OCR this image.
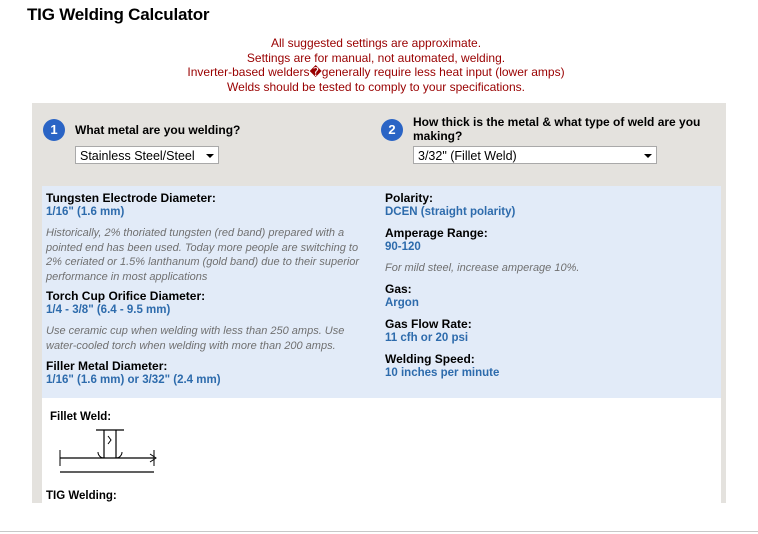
TIG Welding Calculator
All suggested settings are approximate.
Settings are for manual, not automated, welding.
Inverter-based welders�generally require less heat input (lower amps)
Welds should be tested to comply to your specifications.
1	What metal are you welding?
Stainless Steel/Steel
2	How thick is the metal & what type of weld are you
making?
3/32" (Fillet Weld)
Tungsten Electrode Diameter:
1/16" (1.6 mm)
Historically, 2% thoriated tungsten (red band) prepared with a pointed end has been used. Today more people are switching to 2% ceriated or 1.5% lanthanum (gold band) due to their superior performance in most applications
Torch Cup Orifice Diameter:
1/4 - 3/8" (6.4 - 9.5 mm)
Use ceramic cup when welding with less than 250 amps. Use water-cooled torch when welding with more than 200 amps.
Filler Metal Diameter:
1/16" (1.6 mm) or 3/32" (2.4 mm)
Polarity:
DCEN (straight polarity)
Amperage Range:
90-120
For mild steel, increase amperage 10%.
Gas:
Argon
Gas Flow Rate:
11 cfh or 20 psi
Welding Speed:
10 inches per minute
Fillet Weld:
TIG Welding:
